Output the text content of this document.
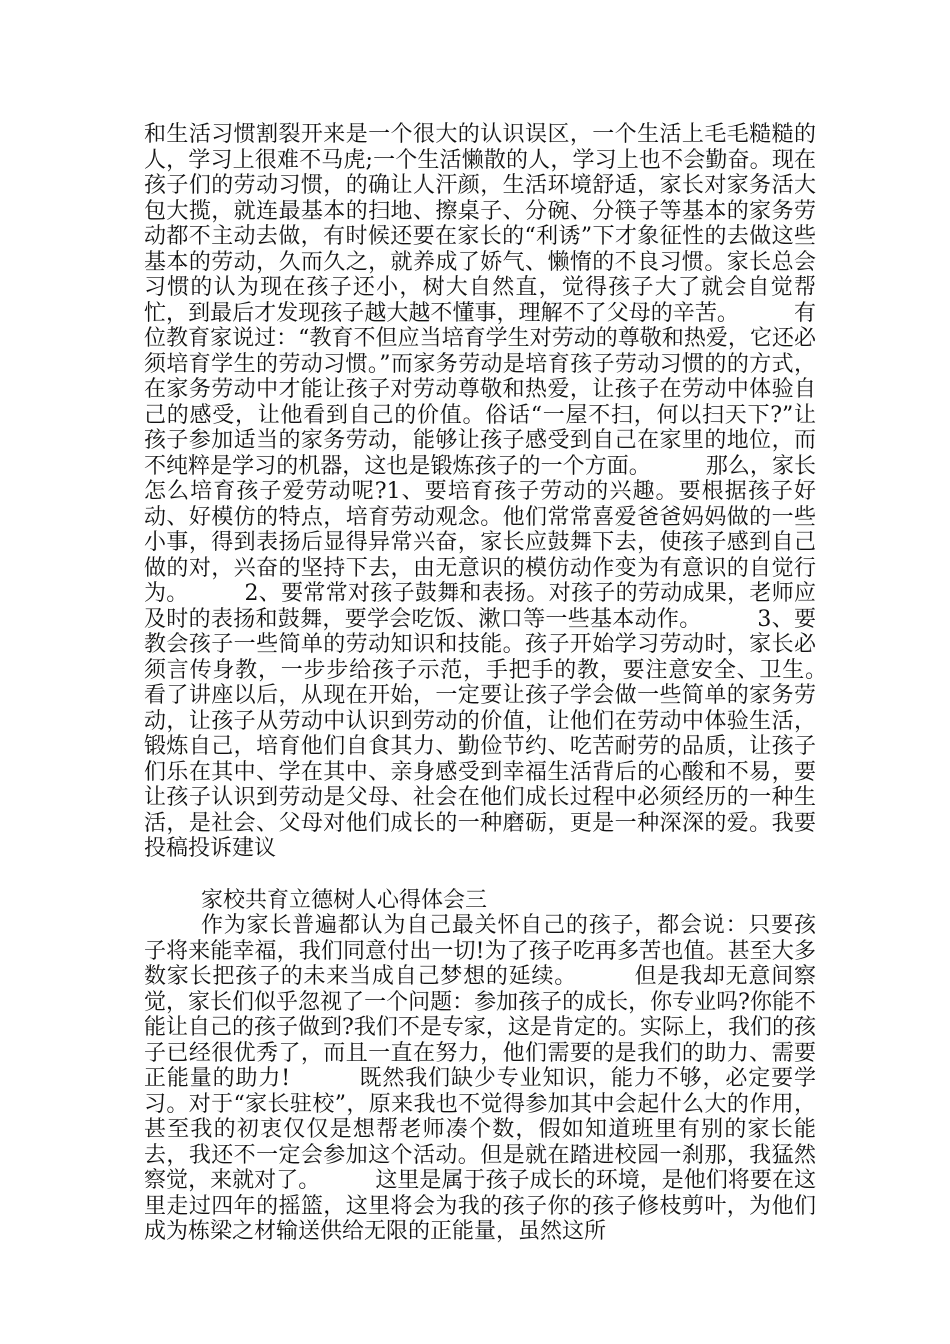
和生活习惯割裂开来是一个很大的认识误区，一个生活上毛毛糙糙的人，学习上很难不马虎;一个生活懒散的人，学习上也不会勤奋。现在孩子们的劳动习惯，的确让人汗颜，生活环境舒适，家长对家务活大包大揽，就连最基本的扫地、擦桌子、分碗、分筷子等基本的家务劳动都不主动去做，有时候还要在家长的“利诱”下才象征性的去做这些基本的劳动，久而久之，就养成了娇气、懒惰的不良习惯。家长总会习惯的认为现在孩子还小，树大自然直，觉得孩子大了就会自觉帮忙，到最后才发现孩子越大越不懂事，理解不了父母的辛苦。　　　有位教育家说过：“教育不但应当培育学生对劳动的尊敬和热爱，它还必须培育学生的劳动习惯。”而家务劳动是培育孩子劳动习惯的的方式，在家务劳动中才能让孩子对劳动尊敬和热爱，让孩子在劳动中体验自己的感受，让他看到自己的价值。俗话“一屋不扫，何以扫天下?”让孩子参加适当的家务劳动，能够让孩子感受到自己在家里的地位，而不纯粹是学习的机器，这也是锻炼孩子的一个方面。　　　那么，家长怎么培育孩子爱劳动呢?1、要培育孩子劳动的兴趣。要根据孩子好动、好模仿的特点，培育劳动观念。他们常常喜爱爸爸妈妈做的一些小事，得到表扬后显得异常兴奋，家长应鼓舞下去，使孩子感到自己做的对，兴奋的坚持下去，由无意识的模仿动作变为有意识的自觉行为。　　　2、要常常对孩子鼓舞和表扬。对孩子的劳动成果，老师应及时的表扬和鼓舞，要学会吃饭、漱口等一些基本动作。　　　3、要教会孩子一些简单的劳动知识和技能。孩子开始学习劳动时，家长必须言传身教，一步步给孩子示范，手把手的教，要注意安全、卫生。　　　看了讲座以后，从现在开始，一定要让孩子学会做一些简单的家务劳动，让孩子从劳动中认识到劳动的价值，让他们在劳动中体验生活，锻炼自己，培育他们自食其力、勤俭节约、吃苦耐劳的品质，让孩子们乐在其中、学在其中、亲身感受到幸福生活背后的心酸和不易，要让孩子认识到劳动是父母、社会在他们成长过程中必须经历的一种生活，是社会、父母对他们成长的一种磨砺，更是一种深深的爱。我要投稿投诉建议

家校共育立德树人心得体会三

作为家长普遍都认为自己最关怀自己的孩子，都会说：只要孩子将来能幸福，我们同意付出一切!为了孩子吃再多苦也值。甚至大多数家长把孩子的未来当成自己梦想的延续。　　　但是我却无意间察觉，家长们似乎忽视了一个问题：参加孩子的成长，你专业吗?你能不能让自己的孩子做到?我们不是专家，这是肯定的。实际上，我们的孩子已经很优秀了，而且一直在努力，他们需要的是我们的助力、需要正能量的助力!　　　既然我们缺少专业知识，能力不够，必定要学习。对于“家长驻校”，原来我也不觉得参加其中会起什么大的作用，甚至我的初衷仅仅是想帮老师凑个数，假如知道班里有别的家长能去，我还不一定会参加这个活动。但是就在踏进校园一刹那，我猛然察觉，来就对了。　　　这里是属于孩子成长的环境，是他们将要在这里走过四年的摇篮，这里将会为我的孩子你的孩子修枝剪叶，为他们成为栋梁之材输送供给无限的正能量，虽然这所
